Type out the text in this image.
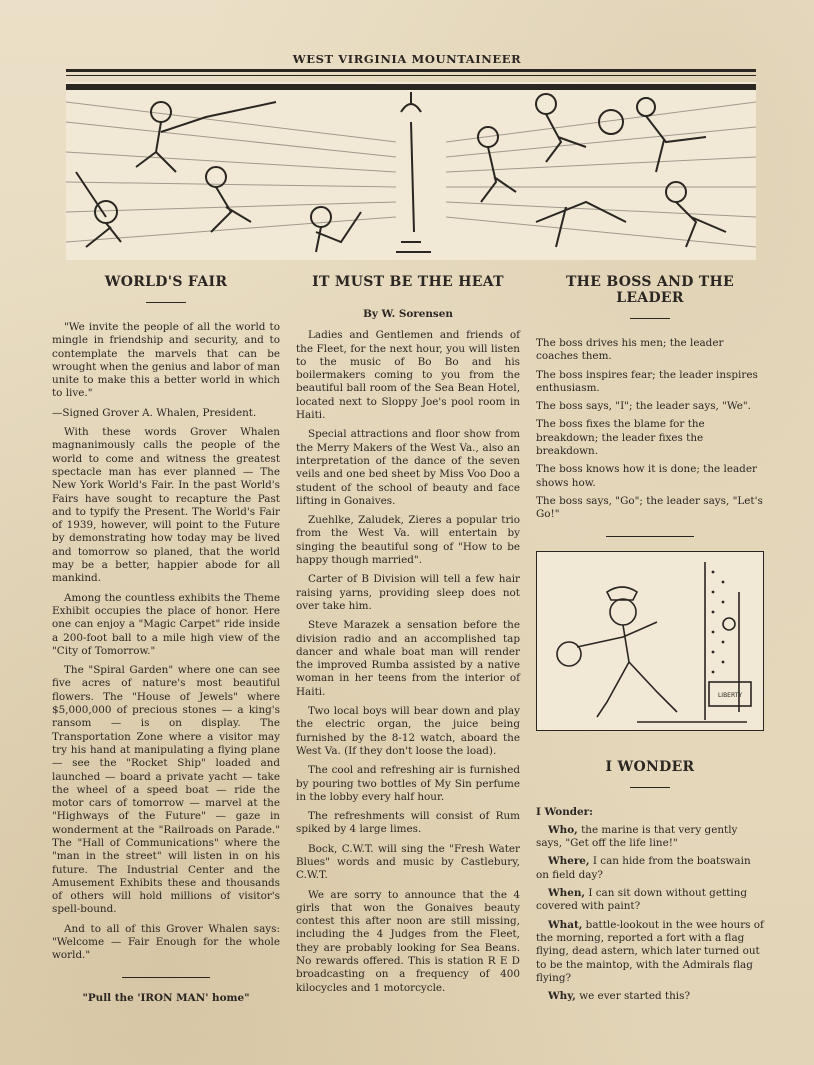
WEST VIRGINIA MOUNTAINEER
WORLD'S FAIR

"We invite the people of all the world to mingle in friendship and security, and to contemplate the marvels that can be wrought when the genius and labor of man unite to make this a better world in which to live."

—Signed Grover A. Whalen, President.

With these words Grover Whalen magnanimously calls the people of the world to come and witness the greatest spectacle man has ever planned — The New York World's Fair. In the past World's Fairs have sought to recapture the Past and to typify the Present. The World's Fair of 1939, however, will point to the Future by demonstrating how today may be lived and tomorrow so planed, that the world may be a better, happier abode for all mankind.

Among the countless exhibits the Theme Exhibit occupies the place of honor. Here one can enjoy a "Magic Carpet" ride inside a 200-foot ball to a mile high view of the "City of Tomorrow."

The "Spiral Garden" where one can see five acres of nature's most beautiful flowers. The "House of Jewels" where $5,000,000 of precious stones — a king's ransom — is on display. The Transportation Zone where a visitor may try his hand at manipulating a flying plane — see the "Rocket Ship" loaded and launched — board a private yacht — take the wheel of a speed boat — ride the motor cars of tomorrow — marvel at the "Highways of the Future" — gaze in wonderment at the "Railroads on Parade." The "Hall of Communications" where the "man in the street" will listen in on his future. The Industrial Center and the Amusement Exhibits these and thousands of others will hold millions of visitor's spell-bound.

And to all of this Grover Whalen says: "Welcome — Fair Enough for the whole world."

"Pull the 'IRON MAN' home"

IT MUST BE THE HEAT

By W. Sorensen

Ladies and Gentlemen and friends of the Fleet, for the next hour, you will listen to the music of Bo Bo and his boilermakers coming to you from the beautiful ball room of the Sea Bean Hotel, located next to Sloppy Joe's pool room in Haiti.

Special attractions and floor show from the Merry Makers of the West Va., also an interpretation of the dance of the seven veils and one bed sheet by Miss Voo Doo a student of the school of beauty and face lifting in Gonaives.

Zuehlke, Zaludek, Zieres a popular trio from the West Va. will entertain by singing the beautiful song of "How to be happy though married".

Carter of B Division will tell a few hair raising yarns, providing sleep does not over take him.

Steve Marazek a sensation before the division radio and an accomplished tap dancer and whale boat man will render the improved Rumba assisted by a native woman in her teens from the interior of Haiti.

Two local boys will bear down and play the electric organ, the juice being furnished by the 8-12 watch, aboard the West Va. (If they don't loose the load).

The cool and refreshing air is furnished by pouring two bottles of My Sin perfume in the lobby every half hour.

The refreshments will consist of Rum spiked by 4 large limes.

Bock, C.W.T. will sing the "Fresh Water Blues" words and music by Castlebury, C.W.T.

We are sorry to announce that the 4 girls that won the Gonaives beauty contest this after noon are still missing, including the 4 Judges from the Fleet, they are probably looking for Sea Beans. No rewards offered. This is station R E D broadcasting on a frequency of 400 kilocycles and 1 motorcycle.

THE BOSS AND THE LEADER

The boss drives his men; the leader coaches them.

The boss inspires fear; the leader inspires enthusiasm.

The boss says, "I"; the leader says, "We".

The boss fixes the blame for the breakdown; the leader fixes the breakdown.

The boss knows how it is done; the leader shows how.

The boss says, "Go"; the leader says, "Let's Go!"

LIBERTY
I WONDER

I Wonder:

Who, the marine is that very gently says, "Get off the life line!"

Where, I can hide from the boatswain on field day?

When, I can sit down without getting covered with paint?

What, battle-lookout in the wee hours of the morning, reported a fort with a flag flying, dead astern, which later turned out to be the maintop, with the Admirals flag flying?

Why, we ever started this?
